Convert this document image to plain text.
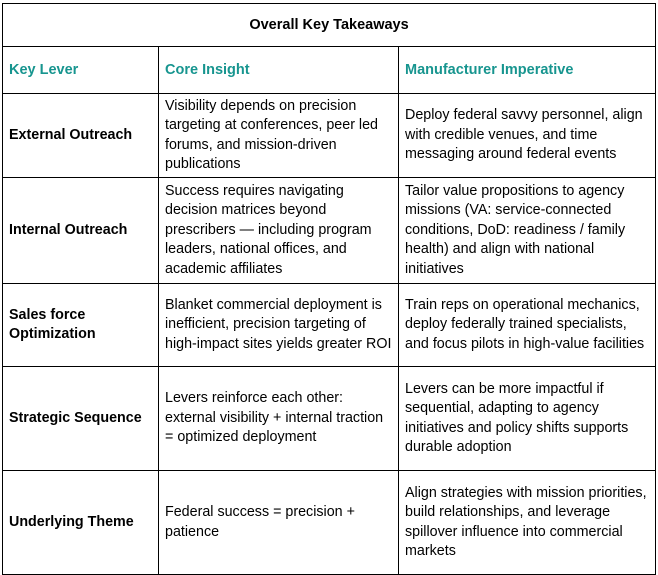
Overall Key Takeaways		
Key Lever	Core Insight	Manufacturer Imperative
External Outreach	Visibility depends on precision targeting at conferences, peer led forums, and mission-driven publications	Deploy federal savvy personnel, align with credible venues, and time messaging around federal events
Internal Outreach	Success requires navigating decision matrices beyond prescribers — including program leaders, national offices, and academic affiliates	Tailor value propositions to agency missions (VA: service-connected conditions, DoD: readiness / family health) and align with national initiatives
Sales force Optimization	Blanket commercial deployment is inefficient, precision targeting of high-impact sites yields greater ROI	Train reps on operational mechanics, deploy federally trained specialists, and focus pilots in high-value facilities
Strategic Sequence	Levers reinforce each other: external visibility + internal traction = optimized deployment	Levers can be more impactful if sequential, adapting to agency initiatives and policy shifts supports durable adoption
Underlying Theme	Federal success = precision + patience	Align strategies with mission priorities, build relationships, and leverage spillover influence into commercial markets
